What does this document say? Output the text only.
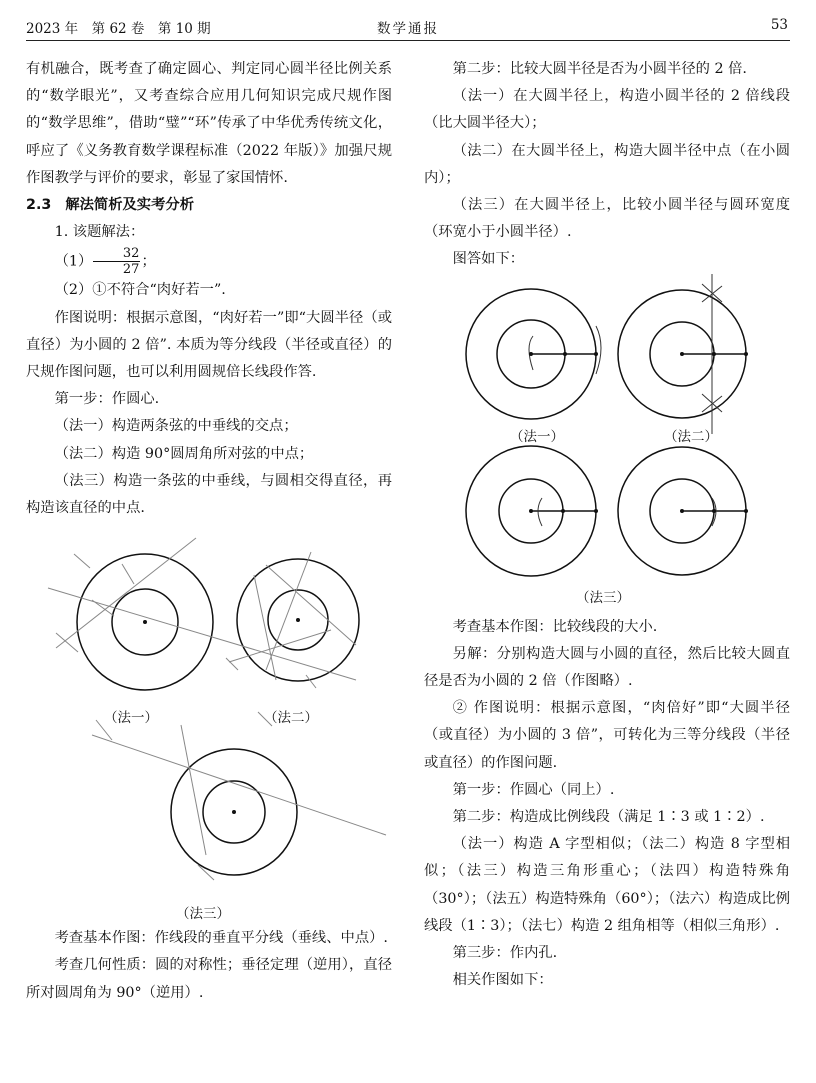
2023 年　第 62 卷　第 10 期	数学通报	53

有机融合，既考查了确定圆心、判定同心圆半径比例关系的“数学眼光”，又考查综合应用几何知识完成尺规作图的“数学思维”，借助“璧”“环”传承了中华优秀传统文化，呼应了《义务教育数学课程标准（2022 年版）》加强尺规作图教学与评价的要求，彰显了家国情怀.

2.3 解法简析及实考分析

1. 该题解法：

$(1) \frac{32}{27}$ ；

（2）①不符合“肉好若一”.

作图说明：根据示意图，“肉好若一”即“大圆半径（或直径）为小圆的 2 倍”. 本质为等分线段（半径或直径）的尺规作图问题，也可以利用圆规倍长线段作答.

第一步：作圆心.

（法一）构造两条弦的中垂线的交点；

（法二）构造 90°圆周角所对弦的中点；

（法三）构造一条弦的中垂线，与圆相交得直径，再构造该直径的中点.

（法一）	（法二）
（法三）

考查基本作图：作线段的垂直平分线（垂线、中点）.

考查几何性质：圆的对称性；垂径定理（逆用），直径所对圆周角为 90°（逆用）.

第二步：比较大圆半径是否为小圆半径的 2 倍.

（法一）在大圆半径上，构造小圆半径的 2 倍线段（比大圆半径大）；

（法二）在大圆半径上，构造大圆半径中点（在小圆内）；

（法三）在大圆半径上，比较小圆半径与圆环宽度（环宽小于小圆半径）.

图答如下：

（法一）	（法二）
（法三）

考查基本作图：比较线段的大小.

另解：分别构造大圆与小圆的直径，然后比较大圆直径是否为小圆的 2 倍（作图略）.

② 作图说明：根据示意图，“肉倍好”即“大圆半径（或直径）为小圆的 3 倍”，可转化为三等分线段（半径或直径）的作图问题.

第一步：作圆心（同上）.

第二步：构造成比例线段（满足 1∶3 或 1∶2）.

（法一）构造 A 字型相似；（法二）构造 8 字型相似；（法三）构造三角形重心；（法四）构造特殊角（30°）；（法五）构造特殊角（60°）；（法六）构造成比例线段（1∶3）；（法七）构造 2 组角相等（相似三角形）.

第三步：作内孔.

相关作图如下：
